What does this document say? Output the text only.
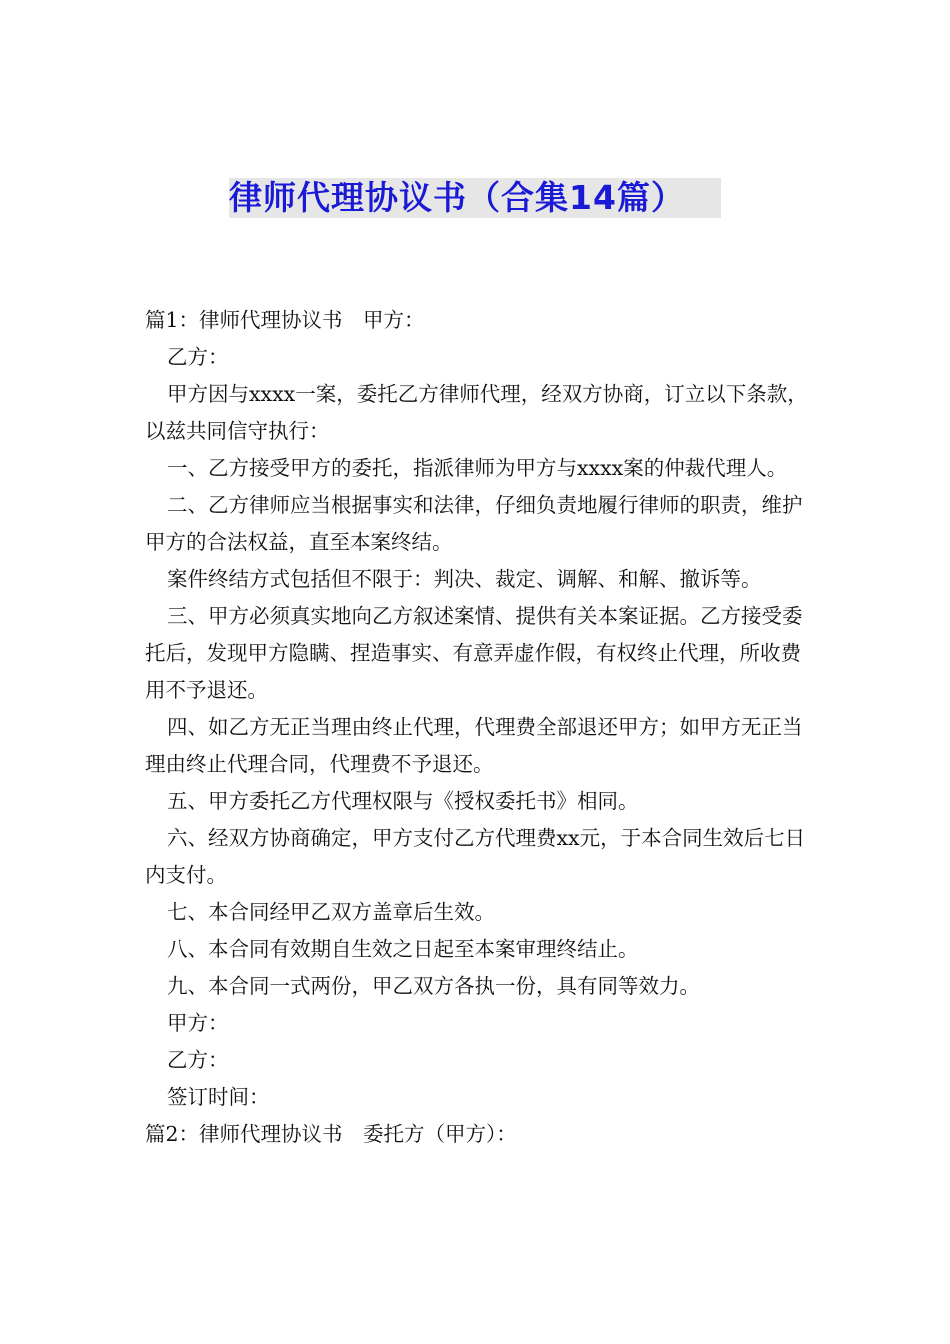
律师代理协议书（合集14篇）

篇1：律师代理协议书　甲方：

乙方：

甲方因与xxxx一案，委托乙方律师代理，经双方协商，订立以下条款，以兹共同信守执行：

一、乙方接受甲方的委托，指派律师为甲方与xxxx案的仲裁代理人。

二、乙方律师应当根据事实和法律，仔细负责地履行律师的职责，维护甲方的合法权益，直至本案终结。

案件终结方式包括但不限于：判决、裁定、调解、和解、撤诉等。

三、甲方必须真实地向乙方叙述案情、提供有关本案证据。乙方接受委托后，发现甲方隐瞒、捏造事实、有意弄虚作假，有权终止代理，所收费用不予退还。

四、如乙方无正当理由终止代理，代理费全部退还甲方；如甲方无正当理由终止代理合同，代理费不予退还。

五、甲方委托乙方代理权限与《授权委托书》相同。

六、经双方协商确定，甲方支付乙方代理费xx元，于本合同生效后七日内支付。

七、本合同经甲乙双方盖章后生效。

八、本合同有效期自生效之日起至本案审理终结止。

九、本合同一式两份，甲乙双方各执一份，具有同等效力。

甲方：

乙方：

签订时间：

篇2：律师代理协议书　委托方（甲方）：
